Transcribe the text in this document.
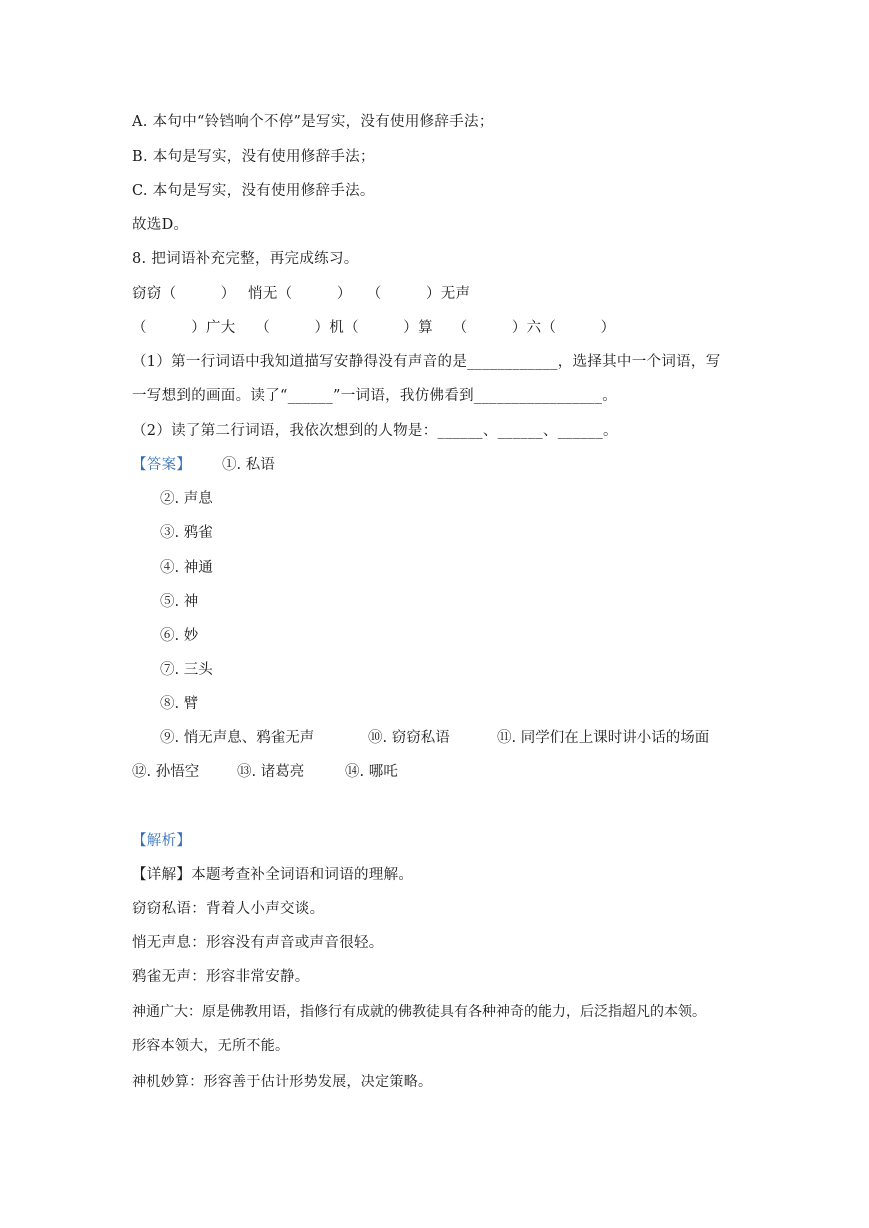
A. 本句中“铃铛响个不停”是写实，没有使用修辞手法；
B. 本句是写实，没有使用修辞手法；
C. 本句是写实，没有使用修辞手法。
故选D。
8. 把词语补充完整，再完成练习。
窃窃（　　　）　 悄无（　　　）　　（　　　）无声
（　　　）广大　 （　　　）机（　　　）算　 （　　　）六（　　　）
（1）第一行词语中我知道描写安静得没有声音的是____________，选择其中一个词语，写
一写想到的画面。读了“______”一词语，我仿佛看到_________________。
（2）读了第二行词语，我依次想到的人物是：______、______、______。
【答案】 ①. 私语
②. 声息
③. 鸦雀
④. 神通
⑤. 神
⑥. 妙
⑦. 三头
⑧. 臂
⑨. 悄无声息、鸦雀无声	⑩. 窃窃私语	⑪. 同学们在上课时讲小话的场面
⑫. 孙悟空	⑬. 诸葛亮	⑭. 哪吒
【解析】
【详解】本题考查补全词语和词语的理解。
窃窃私语：背着人小声交谈。
悄无声息：形容没有声音或声音很轻。
鸦雀无声：形容非常安静。
神通广大：原是佛教用语，指修行有成就的佛教徒具有各种神奇的能力，后泛指超凡的本领。
形容本领大，无所不能。
神机妙算：形容善于估计形势发展，决定策略。
